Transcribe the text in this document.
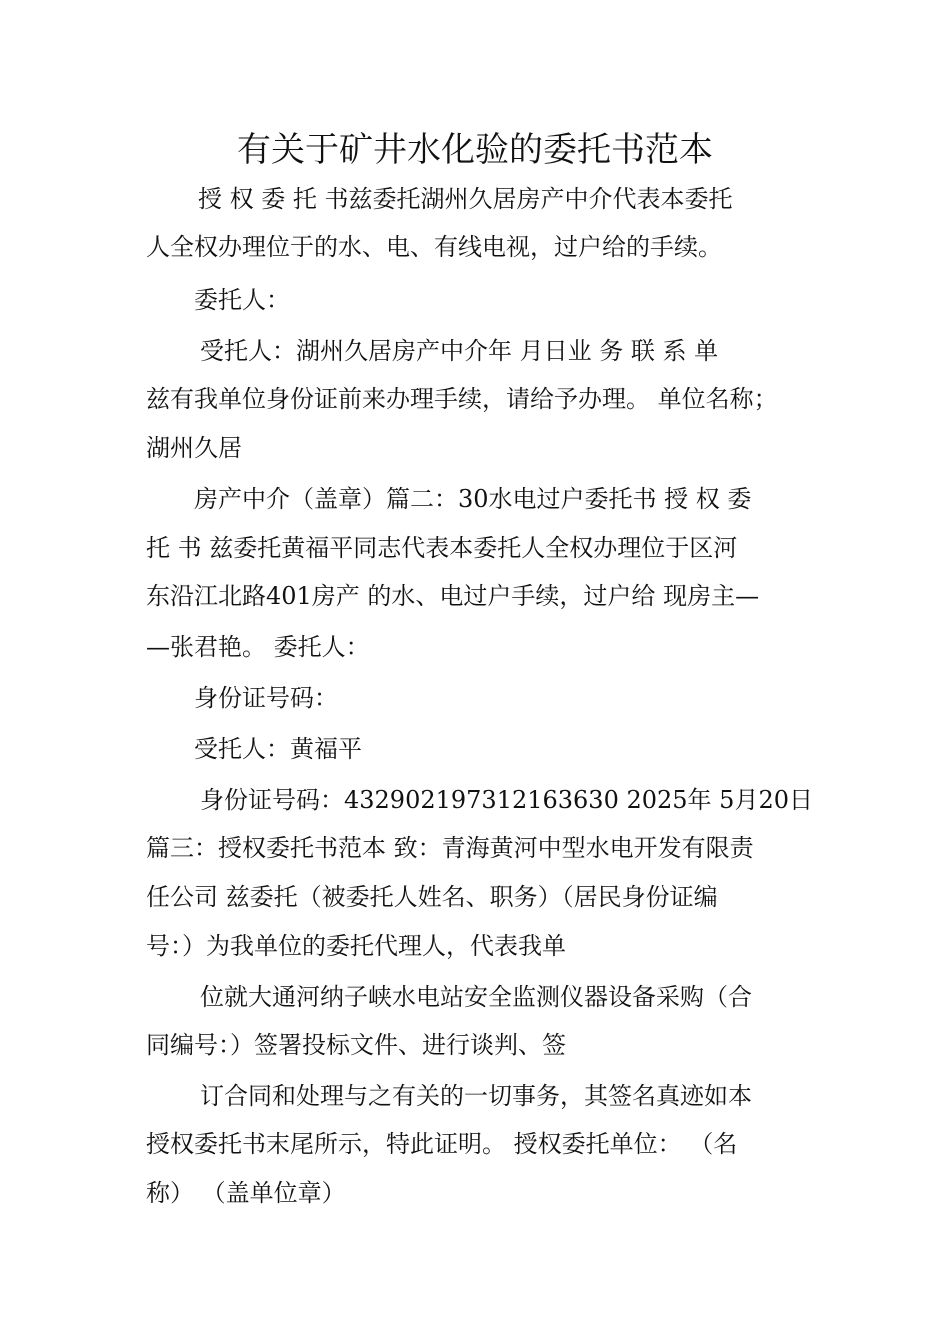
有关于矿井水化验的委托书范本

授 权 委 托 书兹委托湖州久居房产中介代表本委托

人全权办理位于的水、电、有线电视，过户给的手续。

委托人：

受托人：湖州久居房产中介年 月日业 务 联 系 单

兹有我单位身份证前来办理手续，请给予办理。 单位名称；

湖州久居

房产中介（盖章）篇二：30水电过户委托书 授 权 委

托 书 兹委托黄福平同志代表本委托人全权办理位于区河

东沿江北路401房产 的水、电过户手续，过户给 现房主—

—张君艳。 委托人：

身份证号码：

受托人：黄福平

身份证号码：432902197312163630 2025年 5月20日

篇三：授权委托书范本 致：青海黄河中型水电开发有限责

任公司 兹委托（被委托人姓名、职务）（居民身份证编

号：）为我单位的委托代理人，代表我单

位就大通河纳子峡水电站安全监测仪器设备采购（合

同编号：）签署投标文件、进行谈判、签

订合同和处理与之有关的一切事务，其签名真迹如本

授权委托书末尾所示，特此证明。 授权委托单位： （名

称） （盖单位章）
